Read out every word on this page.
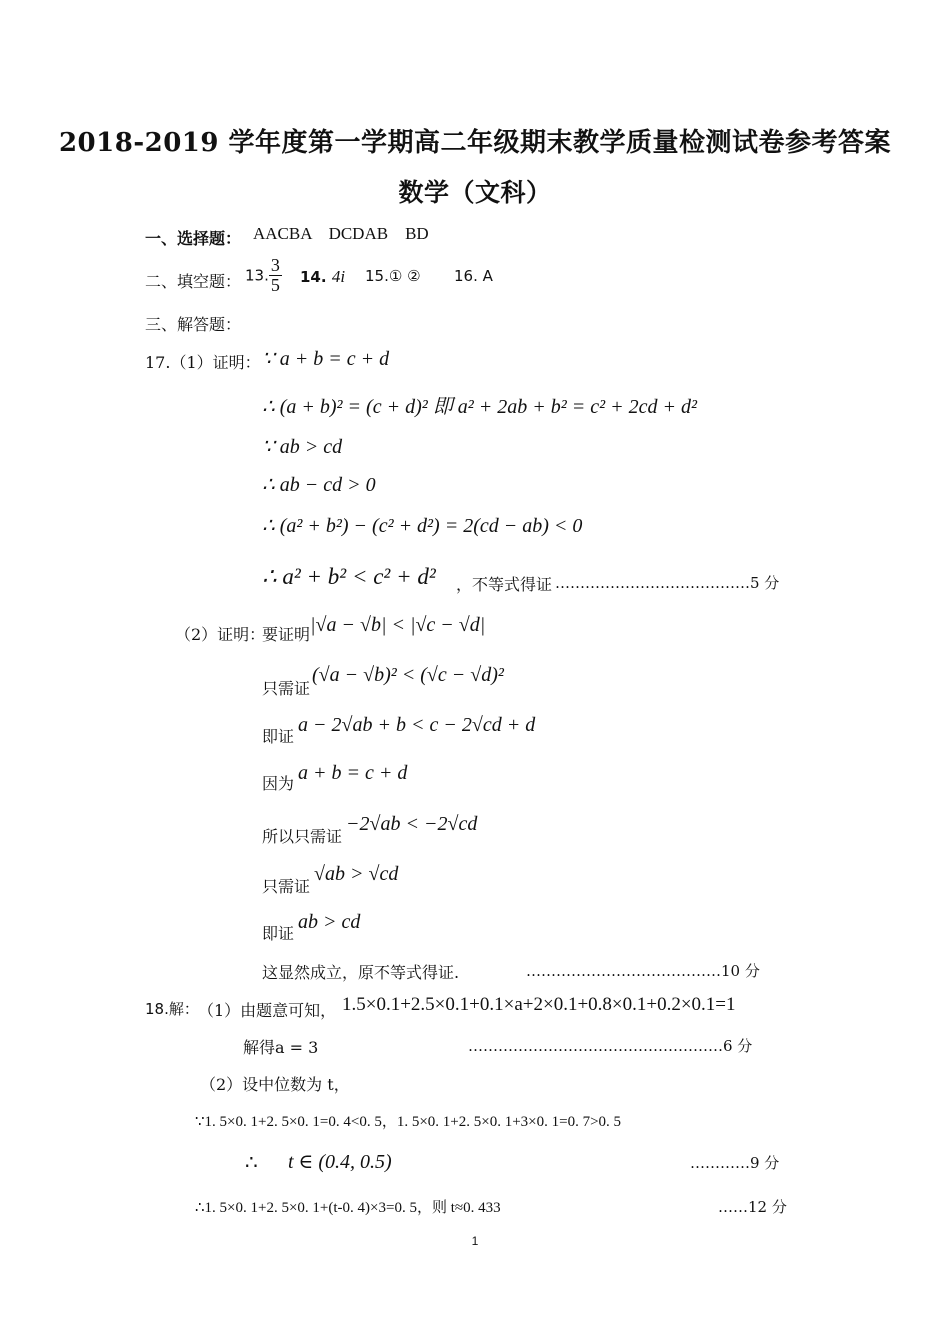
2018-2019 学年度第一学期高二年级期末教学质量检测试卷参考答案
数学（文科）
一、选择题： AACBA    DCDAB    BD
二、填空题： 13. $\frac{3}{5} 14$. 4i 15.① ② 16. A
三、解答题：
17.（1）证明： ∵ a + b = c + d
∴ (a + b)² = (c + d)² 即 a² + 2ab + b² = c² + 2cd + d²
∵ ab > cd
∴ ab − cd > 0
∴ (a² + b²) − (c² + d²) = 2(cd − ab) < 0
∴ a² + b² < c² + d² ，不等式得证 …………………………………5 分
（2）证明：
要证明 |√a − √b| < |√c − √d|
只需证
(√a − √b)² < (√c − √d)²
即证
a − 2√ab + b < c − 2√cd + d
因为 a + b = c + d
所以只需证
−2√ab < −2√cd
只需证
√ab > √cd
即证
ab > cd
这显然成立，原不等式得证.	…………………………………10 分
18.解： （1）由题意可知， 1.5×0.1+2.5×0.1+0.1×a+2×0.1+0.8×0.1+0.2×0.1=1
解得a = 3	……………………………………………6 分
（2）设中位数为 t，
∵1. 5×0. 1+2. 5×0. 1=0. 4<0. 5，1. 5×0. 1+2. 5×0. 1+3×0. 1=0. 7>0. 5
∴ t ∈ (0.4, 0.5)	…………9 分
∴1. 5×0. 1+2. 5×0. 1+(t-0. 4)×3=0. 5，则 t≈0. 433	……12 分
1
